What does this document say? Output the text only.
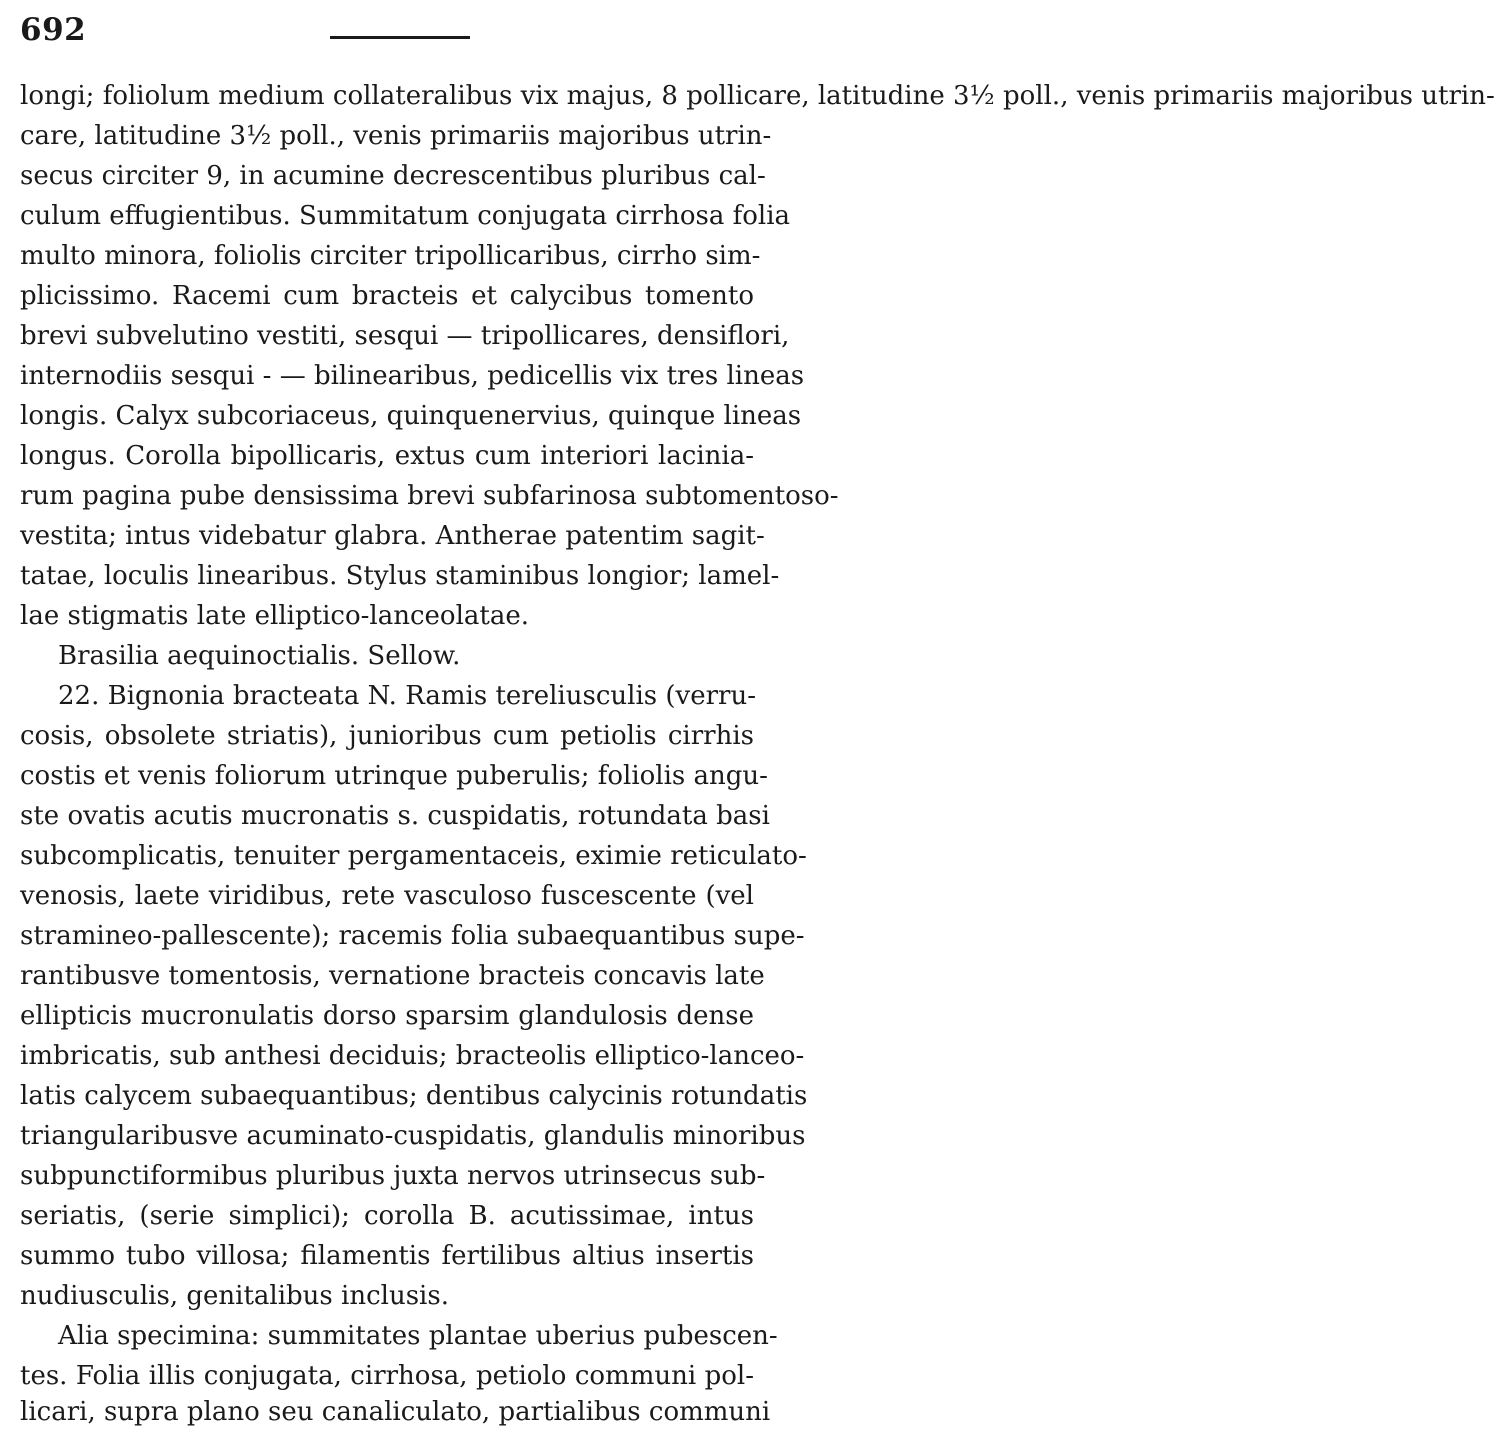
692
longi; foliolum medium collateralibus vix majus, 8 pollicare, latitudine 3½ poll., venis primariis majoribus utrin-
care, latitudine 3½ poll., venis primariis majoribus utrin-
secus circiter 9, in acumine decrescentibus pluribus cal-
culum effugientibus. Summitatum conjugata cirrhosa folia
multo minora, foliolis circiter tripollicaribus, cirrho sim-
plicissimo. Racemi cum bracteis et calycibus tomento
brevi subvelutino vestiti, sesqui — tripollicares, densiflori,
internodiis sesqui - — bilinearibus, pedicellis vix tres lineas
longis. Calyx subcoriaceus, quinquenervius, quinque lineas
longus. Corolla bipollicaris, extus cum interiori lacinia-
rum pagina pube densissima brevi subfarinosa subtomentoso-
vestita; intus videbatur glabra. Antherae patentim sagit-
tatae, loculis linearibus. Stylus staminibus longior; lamel-
lae stigmatis late elliptico-lanceolatae.
Brasilia aequinoctialis. Sellow.
22. Bignonia bracteata N. Ramis tereliusculis (verru-
cosis, obsolete striatis), junioribus cum petiolis cirrhis
costis et venis foliorum utrinque puberulis; foliolis angu-
ste ovatis acutis mucronatis s. cuspidatis, rotundata basi
subcomplicatis, tenuiter pergamentaceis, eximie reticulato-
venosis, laete viridibus, rete vasculoso fuscescente (vel
stramineo-pallescente); racemis folia subaequantibus supe-
rantibusve tomentosis, vernatione bracteis concavis late
ellipticis mucronulatis dorso sparsim glandulosis dense
imbricatis, sub anthesi deciduis; bracteolis elliptico-lanceo-
latis calycem subaequantibus; dentibus calycinis rotundatis
triangularibusve acuminato-cuspidatis, glandulis minoribus
subpunctiformibus pluribus juxta nervos utrinsecus sub-
seriatis, (serie simplici); corolla B. acutissimae, intus
summo tubo villosa; filamentis fertilibus altius insertis
nudiusculis, genitalibus inclusis.
Alia specimina: summitates plantae uberius pubescen-
tes. Folia illis conjugata, cirrhosa, petiolo communi pol-
licari, supra plano seu canaliculato, partialibus communi
